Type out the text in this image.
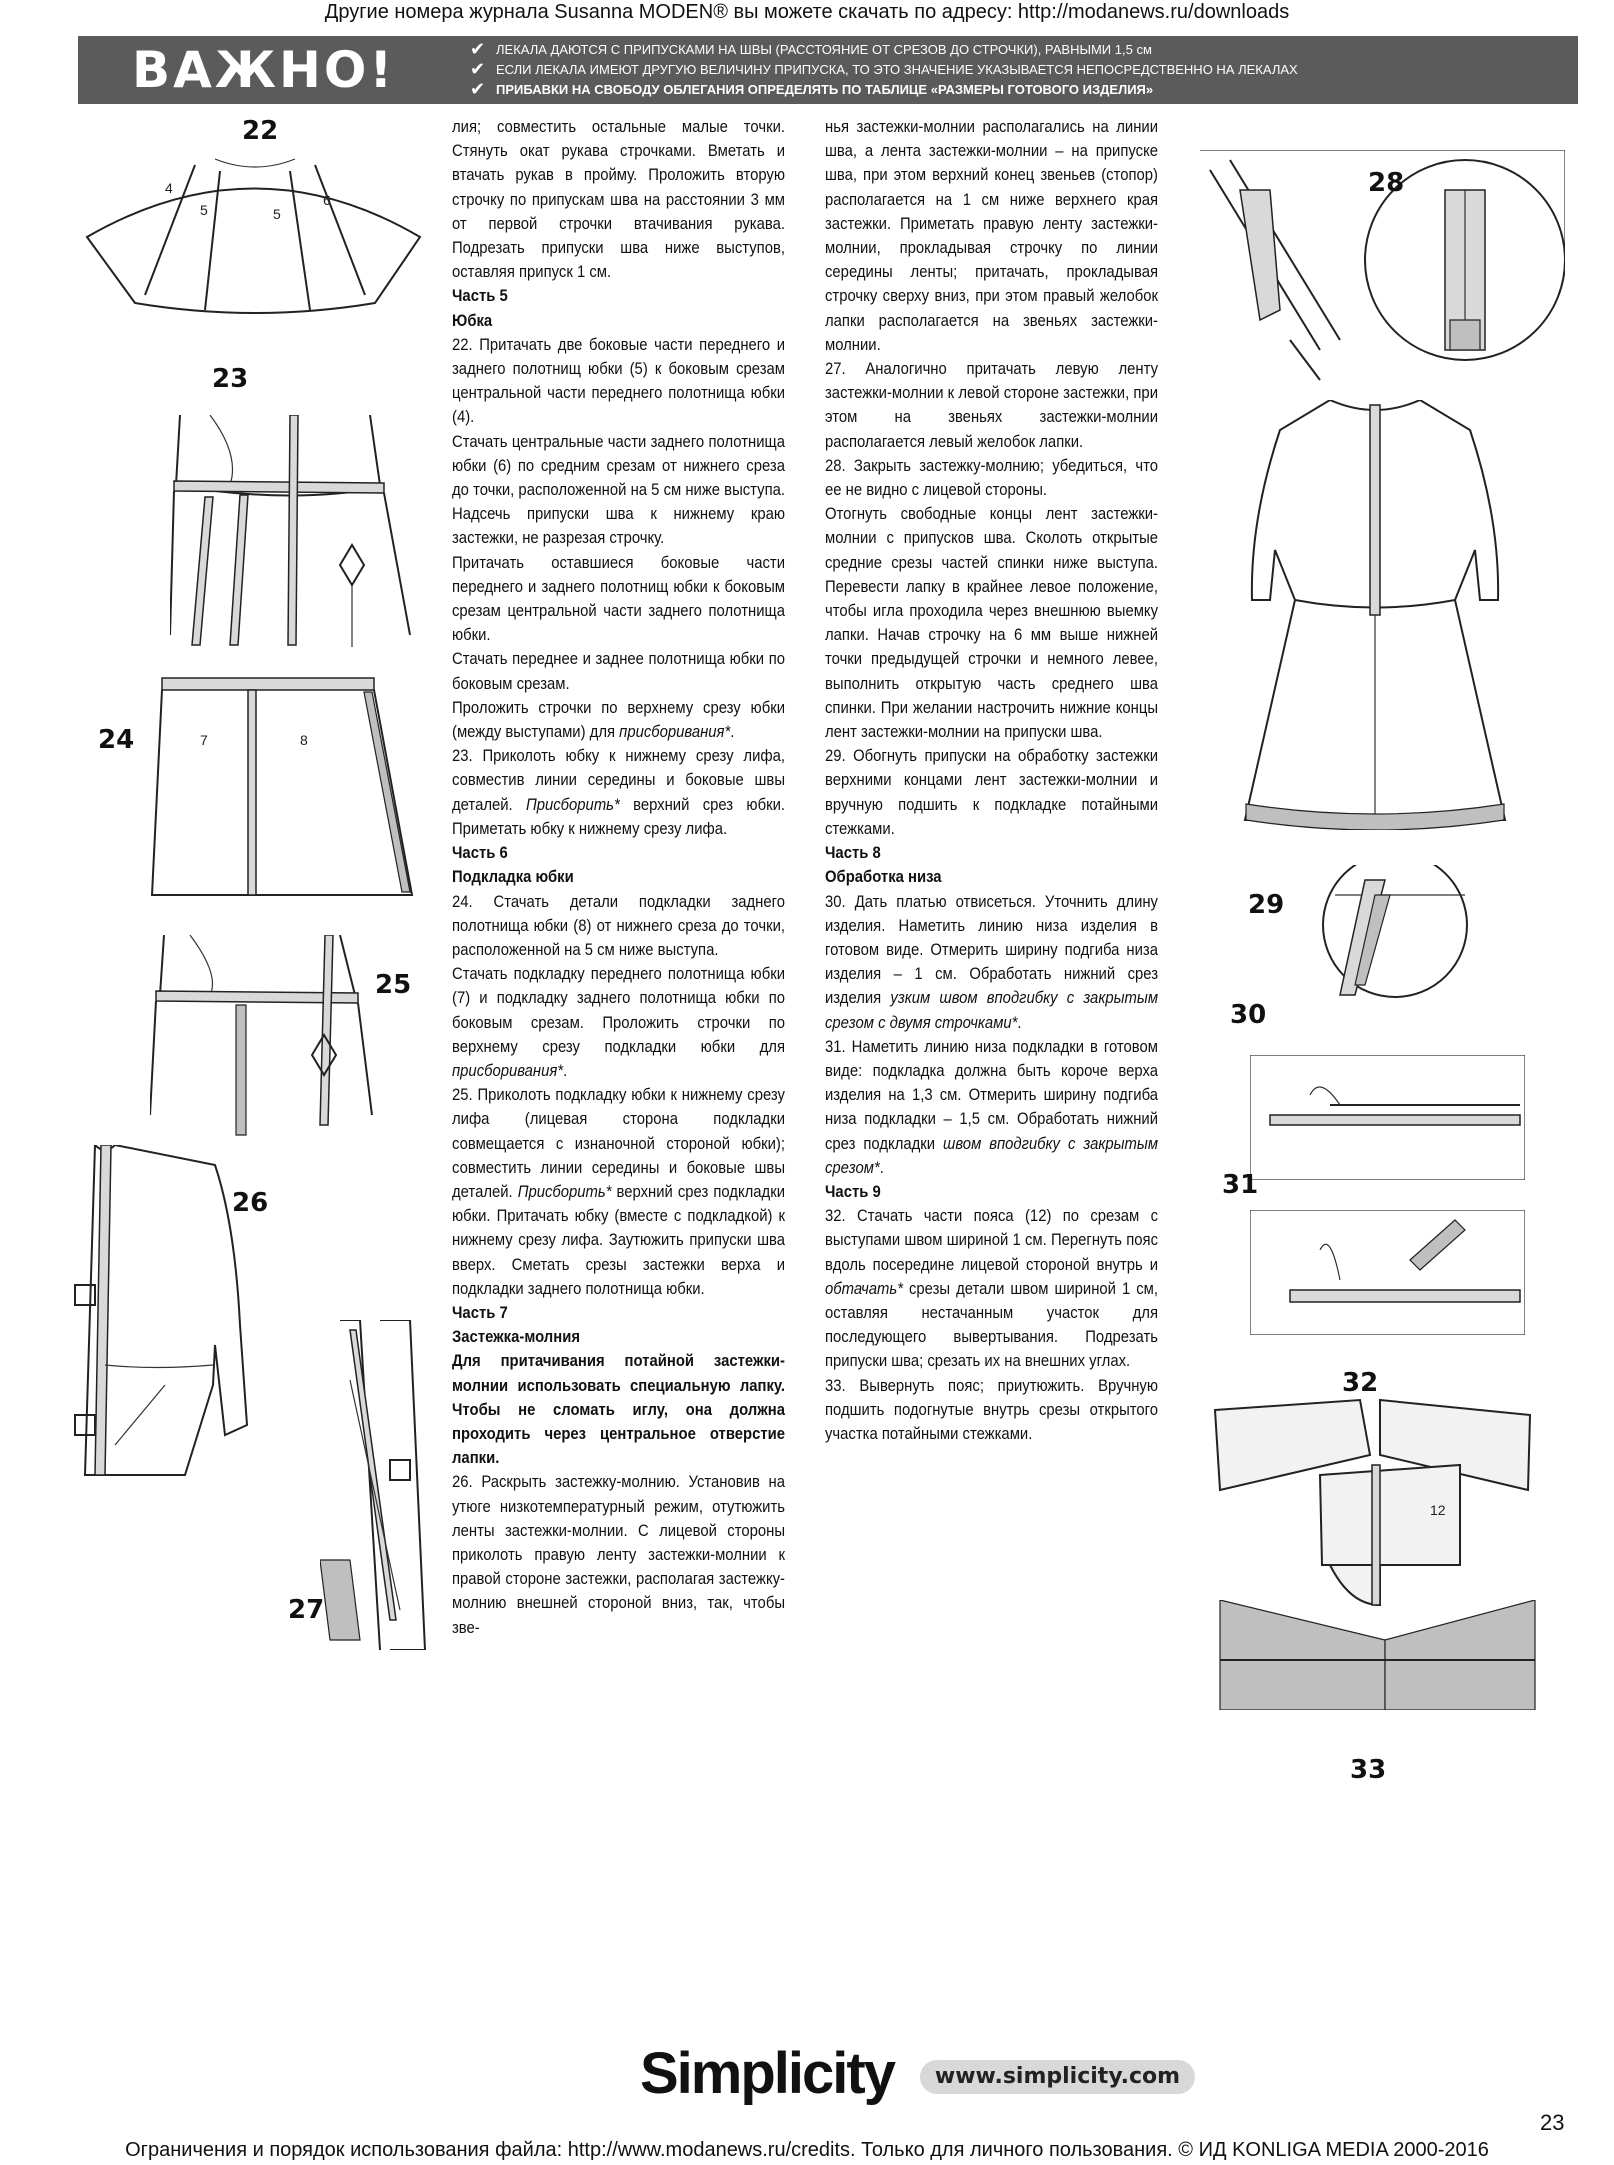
Другие номера журнала Susanna MODEN® вы можете скачать по адресу: http://modanews.ru/downloads
ВАЖНО!	✔ ЛЕКАЛА ДАЮТСЯ С ПРИПУСКАМИ НА ШВЫ (РАССТОЯНИЕ ОТ СРЕЗОВ ДО СТРОЧКИ), РАВНЫМИ 1,5 см
✔ ЕСЛИ ЛЕКАЛА ИМЕЮТ ДРУГУЮ ВЕЛИЧИНУ ПРИПУСКА, ТО ЭТО ЗНАЧЕНИЕ УКАЗЫВАЕТСЯ НЕПОСРЕДСТВЕННО НА ЛЕКАЛАХ
✔ ПРИБАВКИ НА СВОБОДУ ОБЛЕГАНИЯ ОПРЕДЕЛЯТЬ ПО ТАБЛИЦЕ «РАЗМЕРЫ ГОТОВОГО ИЗДЕЛИЯ»
22
4
5	5
6
23
24	7	8
25
26
27

лия; совместить остальные малые точки. Стянуть окат рукава строчками. Вметать и втачать рукав в пройму. Проложить вторую строчку по припускам шва на расстоянии 3 мм от первой строчки втачивания рукава. Подрезать припуски шва ниже выступов, оставляя припуск 1 см.

Часть 5
Юбка

22. Притачать две боковые части переднего и заднего полотнищ юбки (5) к боковым срезам центральной части переднего полотнища юбки (4).

Стачать центральные части заднего полотнища юбки (6) по средним срезам от нижнего среза до точки, расположенной на 5 см ниже выступа. Надсечь припуски шва к нижнему краю застежки, не разрезая строчку.

Притачать оставшиеся боковые части переднего и заднего полотнищ юбки к боковым срезам центральной части заднего полотнища юбки.

Стачать переднее и заднее полотнища юбки по боковым срезам.

Проложить строчки по верхнему срезу юбки (между выступами) для присборивания*.

23. Приколоть юбку к нижнему срезу лифа, совместив линии середины и боковые швы деталей. Присборить* верхний срез юбки. Приметать юбку к нижнему срезу лифа.

Часть 6
Подкладка юбки

24. Стачать детали подкладки заднего полотнища юбки (8) от нижнего среза до точки, расположенной на 5 см ниже выступа.

Стачать подкладку переднего полотнища юбки (7) и подкладку заднего полотнища юбки по боковым срезам. Проложить строчки по верхнему срезу подкладки юбки для присборивания*.

25. Приколоть подкладку юбки к нижнему срезу лифа (лицевая сторона подкладки совмещается с изнаночной стороной юбки); совместить линии середины и боковые швы деталей. Присборить* верхний срез подкладки юбки. Притачать юбку (вместе с подкладкой) к нижнему срезу лифа. Заутюжить припуски шва вверх. Сметать срезы застежки верха и подкладки заднего полотнища юбки.

Часть 7
Застежка-молния

Для притачивания потайной застежки-молнии использовать специальную лапку. Чтобы не сломать иглу, она должна проходить через центральное отверстие лапки.

26. Раскрыть застежку-молнию. Установив на утюге низкотемпературный режим, отутюжить ленты застежки-молнии. С лицевой стороны приколоть правую ленту застежки-молнии к правой стороне застежки, располагая застежку-молнию внешней стороной вниз, так, чтобы зве-

нья застежки-молнии располагались на линии шва, а лента застежки-молнии – на припуске шва, при этом верхний конец звеньев (стопор) располагается на 1 см ниже верхнего края застежки. Приметать правую ленту застежки-молнии, прокладывая строчку по линии середины ленты; притачать, прокладывая строчку сверху вниз, при этом правый желобок лапки располагается на звеньях застежки-молнии.

27. Аналогично притачать левую ленту застежки-молнии к левой стороне застежки, при этом на звеньях застежки-молнии располагается левый желобок лапки.

28. Закрыть застежку-молнию; убедиться, что ее не видно с лицевой стороны.

Отогнуть свободные концы лент застежки-молнии с припусков шва. Сколоть открытые средние срезы частей спинки ниже выступа. Перевести лапку в крайнее левое положение, чтобы игла проходила через внешнюю выемку лапки. Начав строчку на 6 мм выше нижней точки предыдущей строчки и немного левее, выполнить открытую часть среднего шва спинки. При желании настрочить нижние концы лент застежки-молнии на припуски шва.

29. Обогнуть припуски на обработку застежки верхними концами лент застежки-молнии и вручную подшить к подкладке потайными стежками.

Часть 8
Обработка низа

30. Дать платью отвисеться. Уточнить длину изделия. Наметить линию низа изделия в готовом виде. Отмерить ширину подгиба низа изделия – 1 см. Обработать нижний срез изделия узким швом вподгибку с закрытым срезом с двумя строчками*.

31. Наметить линию низа подкладки в готовом виде: подкладка должна быть короче верха изделия на 1,3 см. Отмерить ширину подгиба низа подкладки – 1,5 см. Обработать нижний срез подкладки швом вподгибку с закрытым срезом*.

Часть 9

32. Стачать части пояса (12) по срезам с выступами швом шириной 1 см. Перегнуть пояс вдоль посередине лицевой стороной внутрь и обтачать* срезы детали швом шириной 1 см, оставляя нестачанным участок для последующего вывертывания. Подрезать припуски шва; срезать их на внешних углах.

33. Вывернуть пояс; приутюжить. Вручную подшить подогнутые внутрь срезы открытого участка потайными стежками.

28
29
30
31
32
12
33
Simplicity	www.simplicity.com
23
Ограничения и порядок использования файла: http://www.modanews.ru/credits. Только для личного пользования. © ИД KONLIGA MEDIA 2000-2016
